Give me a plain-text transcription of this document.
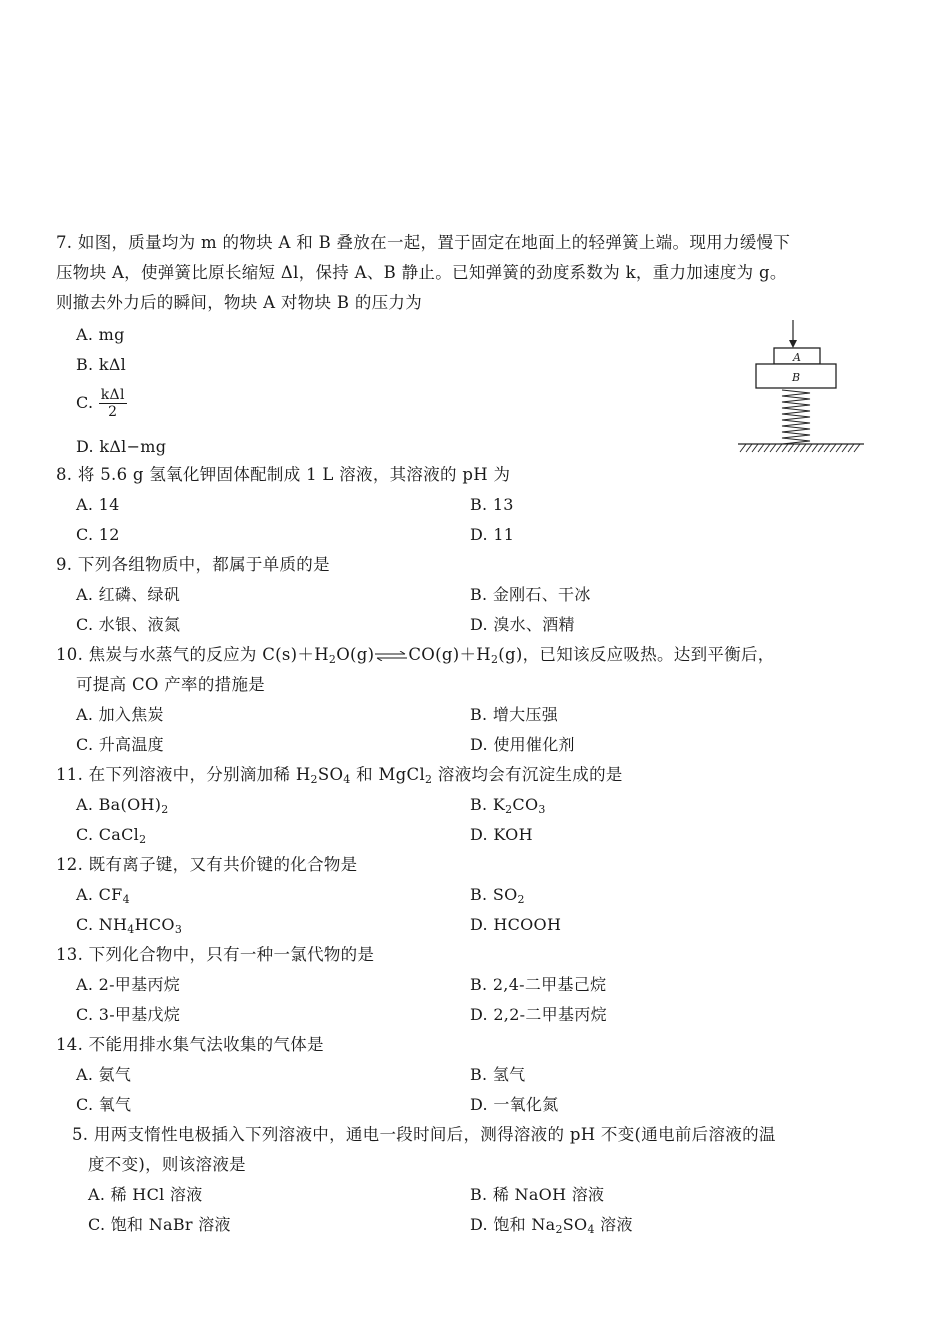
7. 如图，质量均为 m 的物块 A 和 B 叠放在一起，置于固定在地面上的轻弹簧上端。现用力缓慢下
压物块 A，使弹簧比原长缩短 Δl，保持 A、B 静止。已知弹簧的劲度系数为 k，重力加速度为 g。
则撤去外力后的瞬间，物块 A 对物块 B 的压力为
A. mg
B. kΔl
C. $\frac{\text{kΔl}}{2}$
D. kΔl−mg
A
B
8. 将 5.6 g 氢氧化钾固体配制成 1 L 溶液，其溶液的 pH 为
A. 14	B. 13
C. 12	D. 11
9. 下列各组物质中，都属于单质的是
A. 红磷、绿矾	B. 金刚石、干冰
C. 水银、液氮	D. 溴水、酒精
10. 焦炭与水蒸气的反应为 $C(s)+H_2O(g)\rightleftharpoons CO(g)+H_2(g)$，已知该反应吸热。达到平衡后，
可提高 CO 产率的措施是
A. 加入焦炭	B. 增大压强
C. 升高温度	D. 使用催化剂
11. 在下列溶液中，分别滴加稀 $H_2SO_4$ 和 MgCl$_2$ 溶液均会有沉淀生成的是
A. $Ba(OH)_2$	B. $K_2CO_3$
C. CaCl$_2$	D. KOH
12. 既有离子键，又有共价键的化合物是
A. $CF_4$	B. $SO_2$
C. $NH_4HCO_3$	D. HCOOH
13. 下列化合物中，只有一种一氯代物的是
A. 2-甲基丙烷	B. 2,4-二甲基己烷
C. 3-甲基戊烷	D. 2,2-二甲基丙烷
14. 不能用排水集气法收集的气体是
A. 氨气	B. 氢气
C. 氧气	D. 一氧化氮
5. 用两支惰性电极插入下列溶液中，通电一段时间后，测得溶液的 pH 不变(通电前后溶液的温
度不变)，则该溶液是
A. 稀 HCl 溶液	B. 稀 NaOH 溶液
C. 饱和 NaBr 溶液	D. 饱和 $Na_2SO_4$ 溶液
